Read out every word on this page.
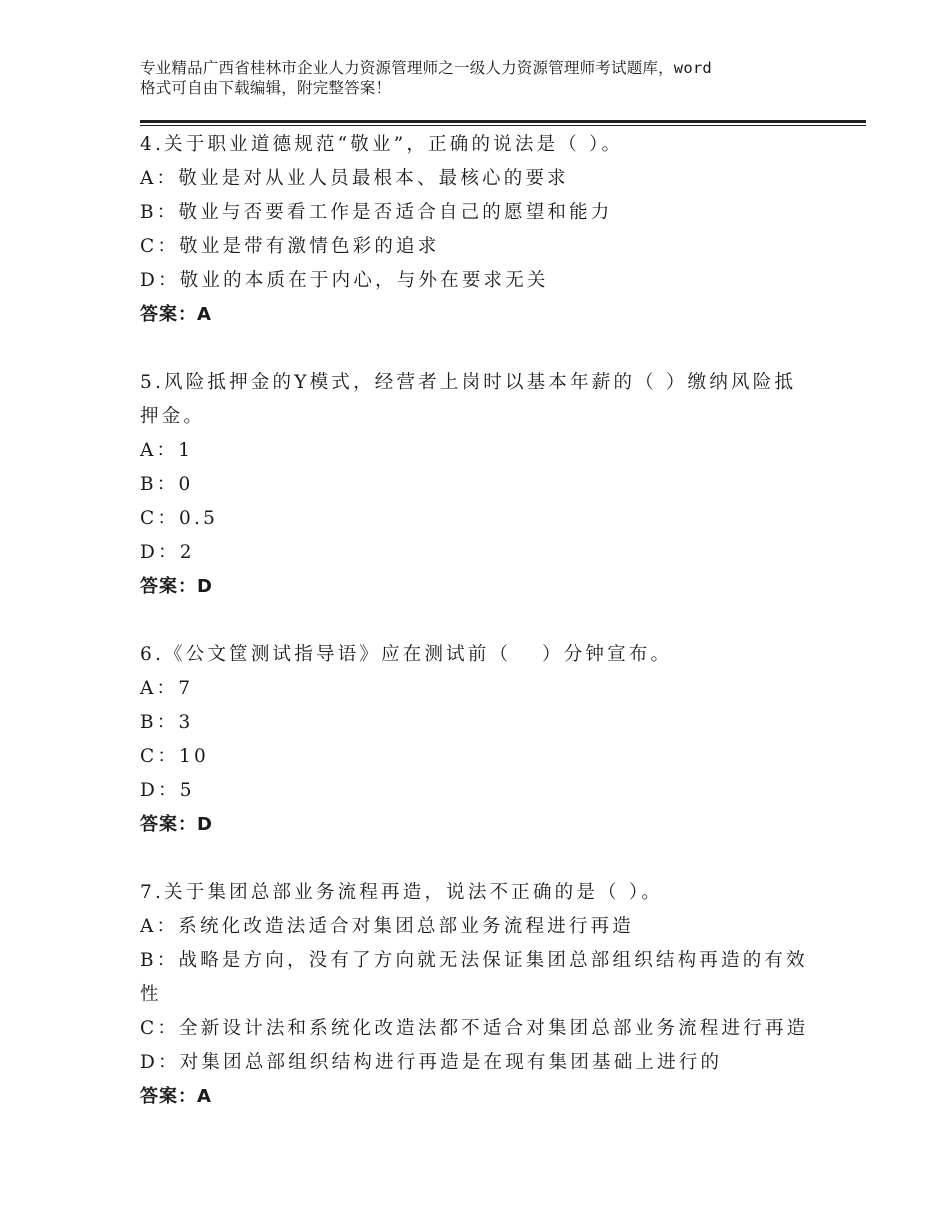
专业精品广西省桂林市企业人力资源管理师之一级人力资源管理师考试题库，word
格式可自由下载编辑，附完整答案！
4.关于职业道德规范“敬业”，正确的说法是（ ）。
A：敬业是对从业人员最根本、最核心的要求
B：敬业与否要看工作是否适合自己的愿望和能力
C：敬业是带有激情色彩的追求
D：敬业的本质在于内心，与外在要求无关
答案：A
5.风险抵押金的Y模式，经营者上岗时以基本年薪的（ ）缴纳风险抵押金。
A：1
B：0
C：0.5
D：2
答案：D
6.《公文筐测试指导语》应在测试前（　 ）分钟宣布。
A：7
B：3
C：10
D：5
答案：D
7.关于集团总部业务流程再造，说法不正确的是（ ）。
A：系统化改造法适合对集团总部业务流程进行再造
B：战略是方向，没有了方向就无法保证集团总部组织结构再造的有效性
C：全新设计法和系统化改造法都不适合对集团总部业务流程进行再造
D：对集团总部组织结构进行再造是在现有集团基础上进行的
答案：A
